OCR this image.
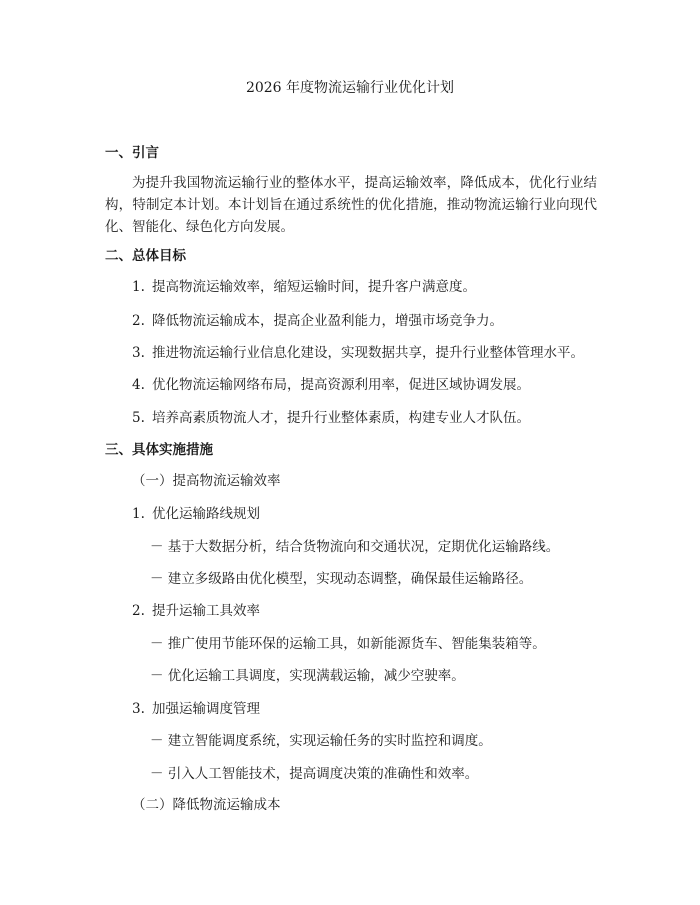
2026 年度物流运输行业优化计划
一、引言
为提升我国物流运输行业的整体水平，提高运输效率，降低成本，优化行业结构，特制定本计划。本计划旨在通过系统性的优化措施，推动物流运输行业向现代化、智能化、绿色化方向发展。
二、总体目标
1. 提高物流运输效率，缩短运输时间，提升客户满意度。
2. 降低物流运输成本，提高企业盈利能力，增强市场竞争力。
3. 推进物流运输行业信息化建设，实现数据共享，提升行业整体管理水平。
4. 优化物流运输网络布局，提高资源利用率，促进区域协调发展。
5. 培养高素质物流人才，提升行业整体素质，构建专业人才队伍。
三、具体实施措施
（一）提高物流运输效率
1. 优化运输路线规划
－ 基于大数据分析，结合货物流向和交通状况，定期优化运输路线。
－ 建立多级路由优化模型，实现动态调整，确保最佳运输路径。
2. 提升运输工具效率
－ 推广使用节能环保的运输工具，如新能源货车、智能集装箱等。
－ 优化运输工具调度，实现满载运输，减少空驶率。
3. 加强运输调度管理
－ 建立智能调度系统，实现运输任务的实时监控和调度。
－ 引入人工智能技术，提高调度决策的准确性和效率。
（二）降低物流运输成本
